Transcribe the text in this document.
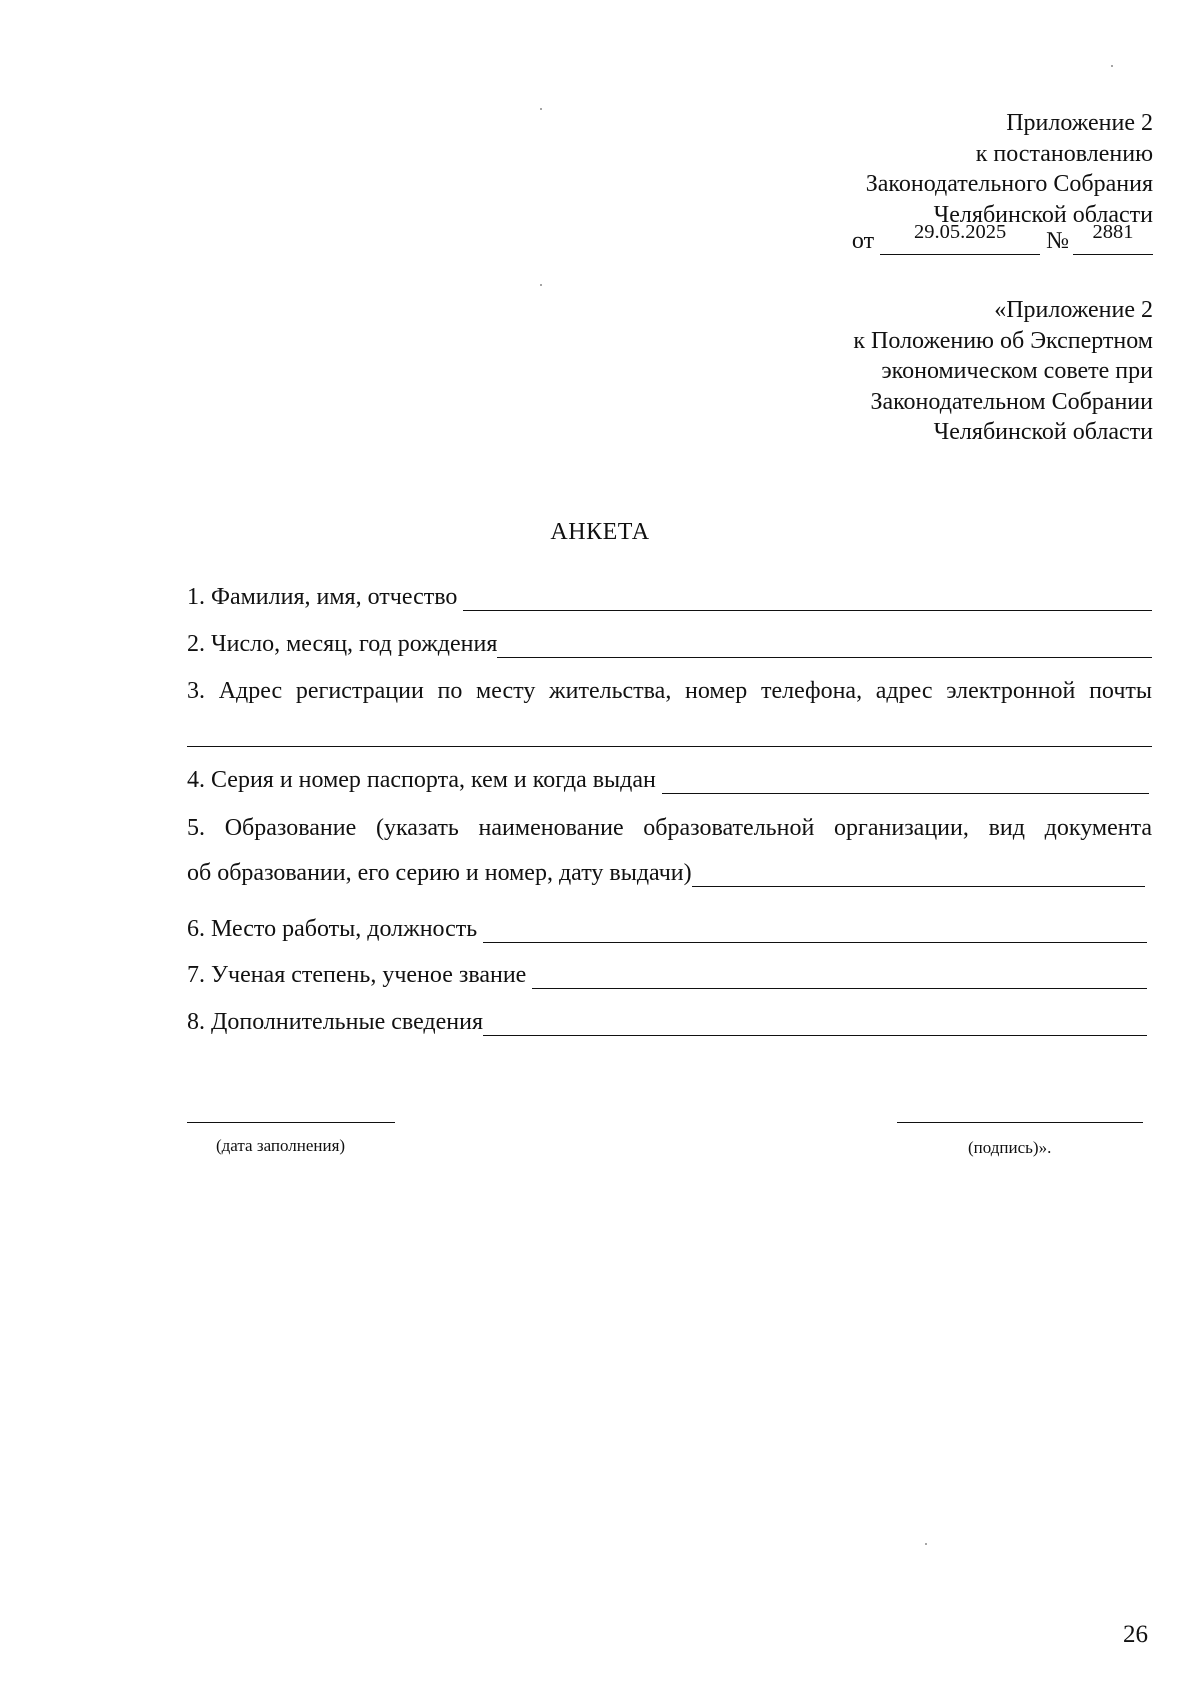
Приложение 2
к постановлению
Законодательного Собрания
Челябинской области
от	29.05.2025	№	2881
«Приложение 2
к Положению об Экспертном
экономическом совете при
Законодательном Собрании
Челябинской области
АНКЕТА
1. Фамилия, имя, отчество
2. Число, месяц, год рождения
3. Адрес регистрации по месту жительства, номер телефона, адрес электронной почты
4. Серия и номер паспорта, кем и когда выдан
5. Образование (указать наименование образовательной организации, вид документа
об образовании, его серию и номер, дату выдачи)
6. Место работы, должность
7. Ученая степень, ученое звание
8. Дополнительные сведения
(дата заполнения)	(подпись)».
26
